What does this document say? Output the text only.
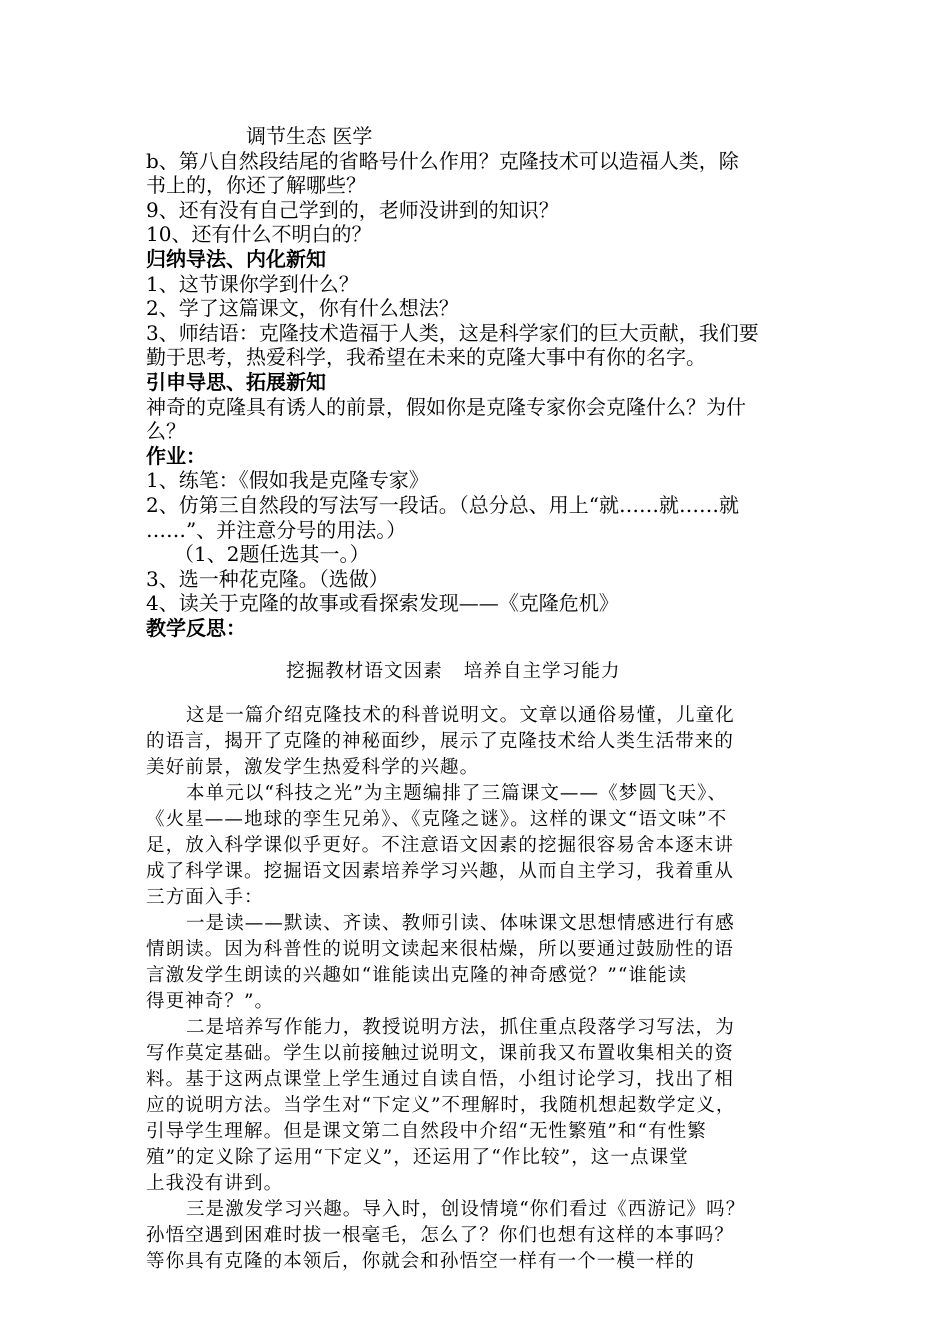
调节生态 医学

b、第八自然段结尾的省略号什么作用？克隆技术可以造福人类，除

书上的，你还了解哪些？

9、还有没有自己学到的，老师没讲到的知识？

10、还有什么不明白的？

归纳导法、内化新知

1、这节课你学到什么？

2、学了这篇课文，你有什么想法？

3、师结语：克隆技术造福于人类，这是科学家们的巨大贡献，我们要

勤于思考，热爱科学，我希望在未来的克隆大事中有你的名字。

引申导思、拓展新知

神奇的克隆具有诱人的前景，假如你是克隆专家你会克隆什么？为什

么？

作业：

1、练笔：《假如我是克隆专家》

2、仿第三自然段的写法写一段话。（总分总、用上“就……就……就

……”、并注意分号的用法。）

（1、2题任选其一。）

3、选一种花克隆。（选做）

4、读关于克隆的故事或看探索发现——《克隆危机》

教学反思：

挖掘教材语文因素   培养自主学习能力

这是一篇介绍克隆技术的科普说明文。文章以通俗易懂，儿童化

的语言，揭开了克隆的神秘面纱，展示了克隆技术给人类生活带来的

美好前景，激发学生热爱科学的兴趣。

本单元以“科技之光”为主题编排了三篇课文——《梦圆飞天》、

《火星——地球的孪生兄弟》、《克隆之谜》。这样的课文“语文味”不

足，放入科学课似乎更好。不注意语文因素的挖掘很容易舍本逐末讲

成了科学课。挖掘语文因素培养学习兴趣，从而自主学习，我着重从

三方面入手：

一是读——默读、齐读、教师引读、体味课文思想情感进行有感

情朗读。因为科普性的说明文读起来很枯燥，所以要通过鼓励性的语

言激发学生朗读的兴趣如“谁能读出克隆的神奇感觉？”“谁能读

得更神奇？”。

二是培养写作能力，教授说明方法，抓住重点段落学习写法，为

写作莫定基础。学生以前接触过说明文，课前我又布置收集相关的资

料。基于这两点课堂上学生通过自读自悟，小组讨论学习，找出了相

应的说明方法。当学生对“下定义”不理解时，我随机想起数学定义，

引导学生理解。但是课文第二自然段中介绍“无性繁殖”和“有性繁

殖”的定义除了运用“下定义”，还运用了“作比较”，这一点课堂

上我没有讲到。

三是激发学习兴趣。导入时，创设情境“你们看过《西游记》吗？

孙悟空遇到困难时拔一根毫毛，怎么了？你们也想有这样的本事吗？

等你具有克隆的本领后，你就会和孙悟空一样有一个一模一样的
